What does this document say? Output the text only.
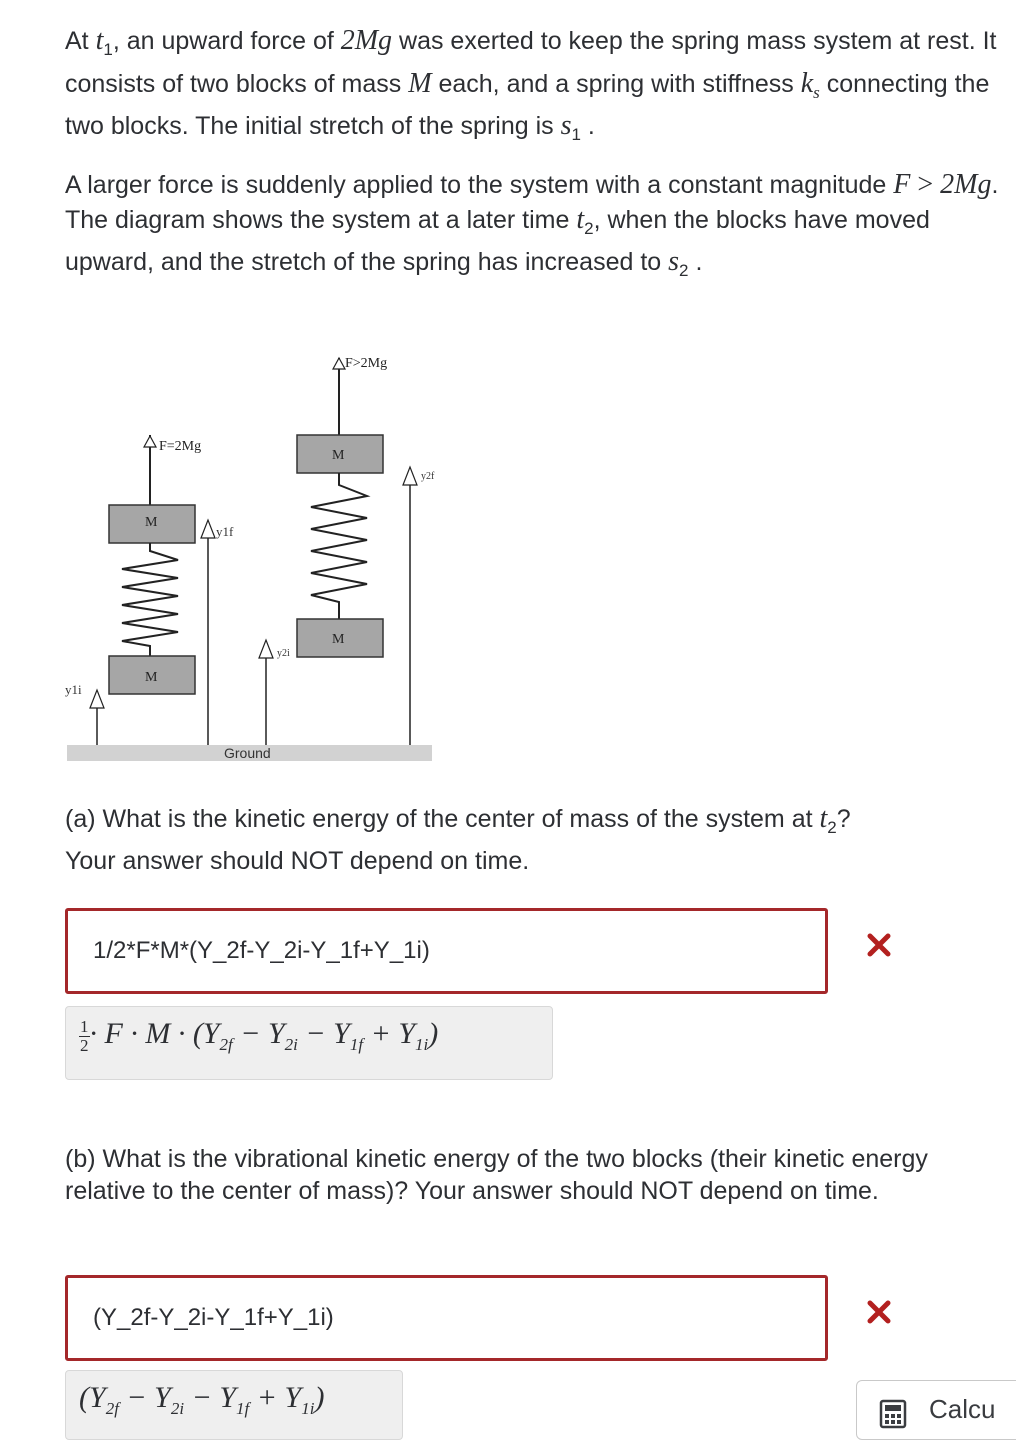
At $t_1$, an upward force of 2Mg was exerted to keep the spring mass system at rest. It consists of two blocks of mass M each, and a spring with stiffness $k_s$ connecting the two blocks. The initial stretch of the spring is $s_1$ .

A larger force is suddenly applied to the system with a constant magnitude F > 2Mg. The diagram shows the system at a later time $t_2$, when the blocks have moved upward, and the stretch of the spring has increased to $s_2$ .

Ground
y1i
F=2Mg
M
M
y1f
y2i
F>2Mg
M
M
y2f

(a) What is the kinetic energy of the center of mass of the system at $t_2$?
Your answer should NOT depend on time.

1/2*F*M*(Y_2f-Y_2i-Y_1f+Y_1i)
$\frac{1}{2} \cdot F \cdot M \cdot (Y_{2f} - Y_{2i} - Y_{1f} + Y_{1i})$

(b) What is the vibrational kinetic energy of the two blocks (their kinetic energy relative to the center of mass)? Your answer should NOT depend on time.

(Y_2f-Y_2i-Y_1f+Y_1i)
$(Y_{2f} - Y_{2i} - Y_{1f} + Y_{1i})$	Calcu
